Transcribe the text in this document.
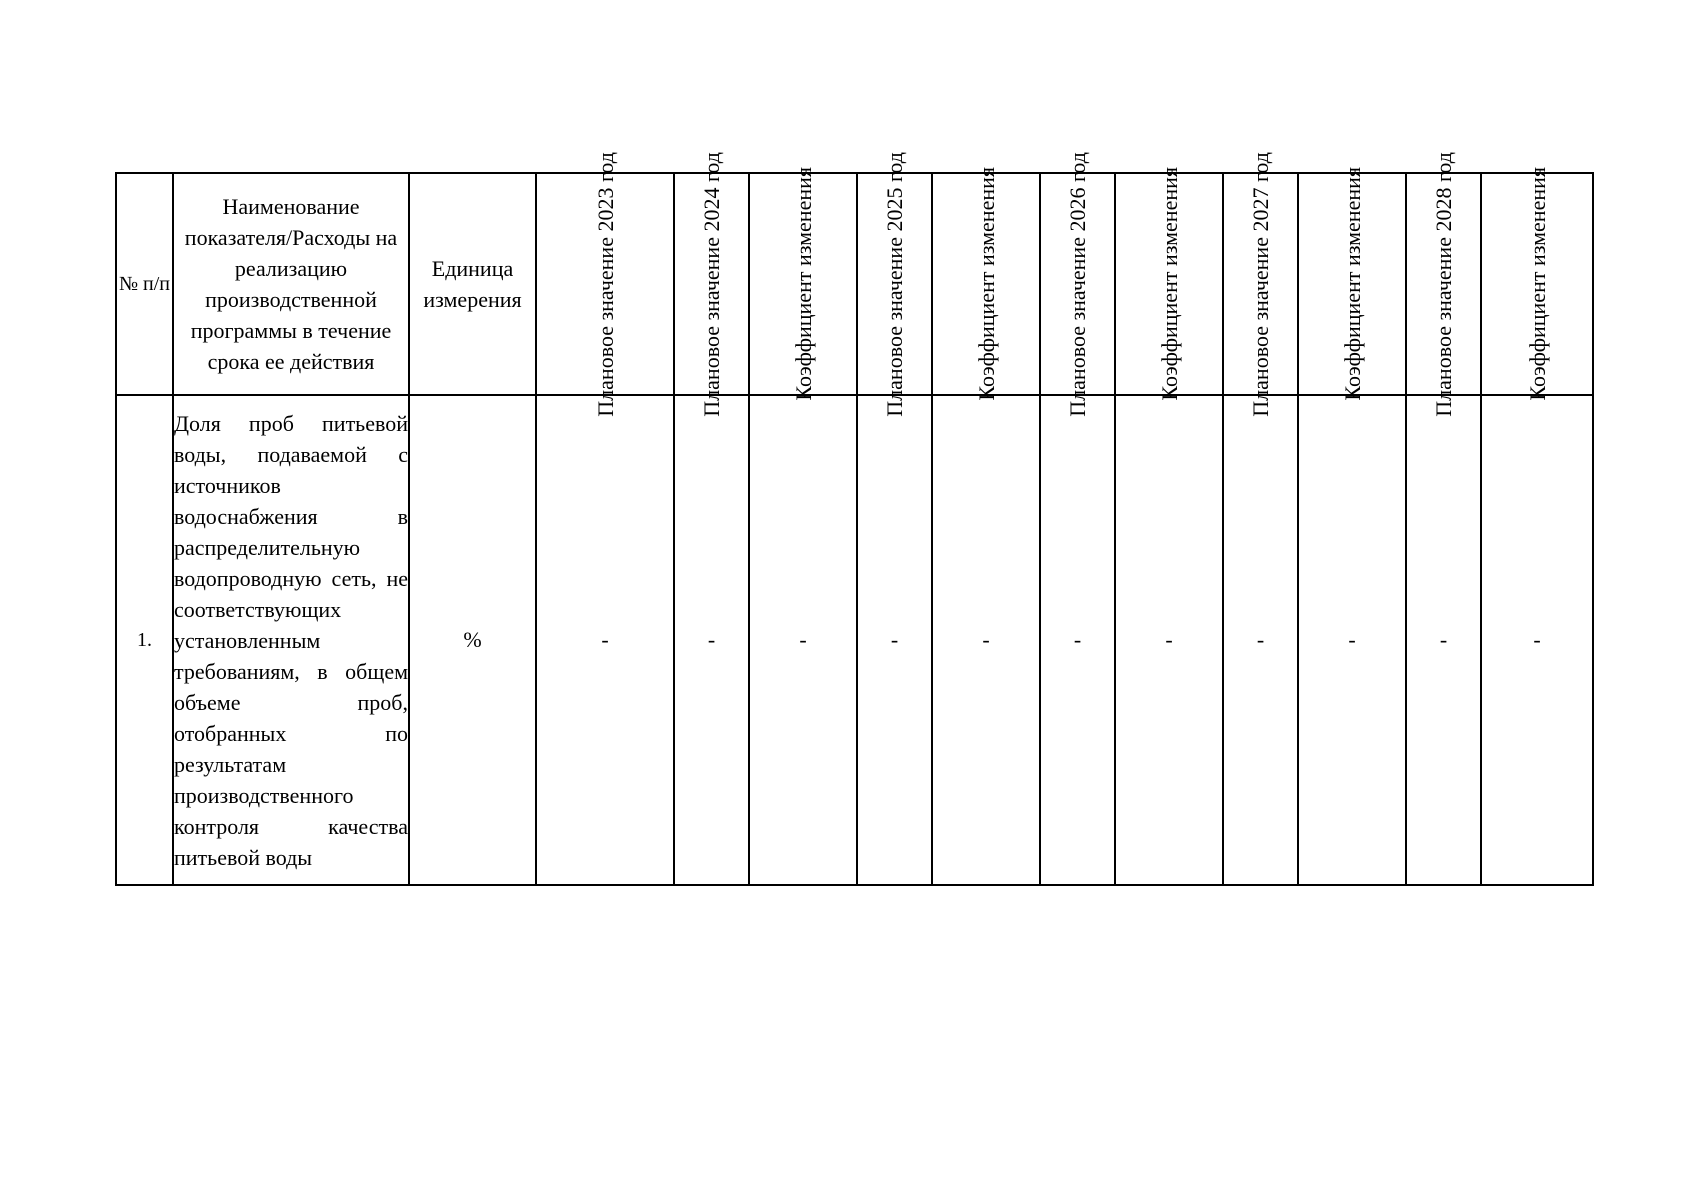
№ п/п	Наименование показателя/Расходы на реализацию производственной программы в течение срока ее действия	Единица измерения	Плановое значение 2023 год	Плановое значение 2024 год	Коэффициент изменения	Плановое значение 2025 год	Коэффициент изменения	Плановое значение 2026 год	Коэффициент изменения	Плановое значение 2027 год	Коэффициент изменения	Плановое значение 2028 год	Коэффициент изменения

1.	Доля проб питьевой воды, подаваемой с источников водоснабжения в распределительную водопроводную сеть, не соответствующих установленным требованиям, в общем объеме проб, отобранных по результатам производственного контроля качества питьевой воды	%	-	-	-	-	-	-	-	-	-	-	-
